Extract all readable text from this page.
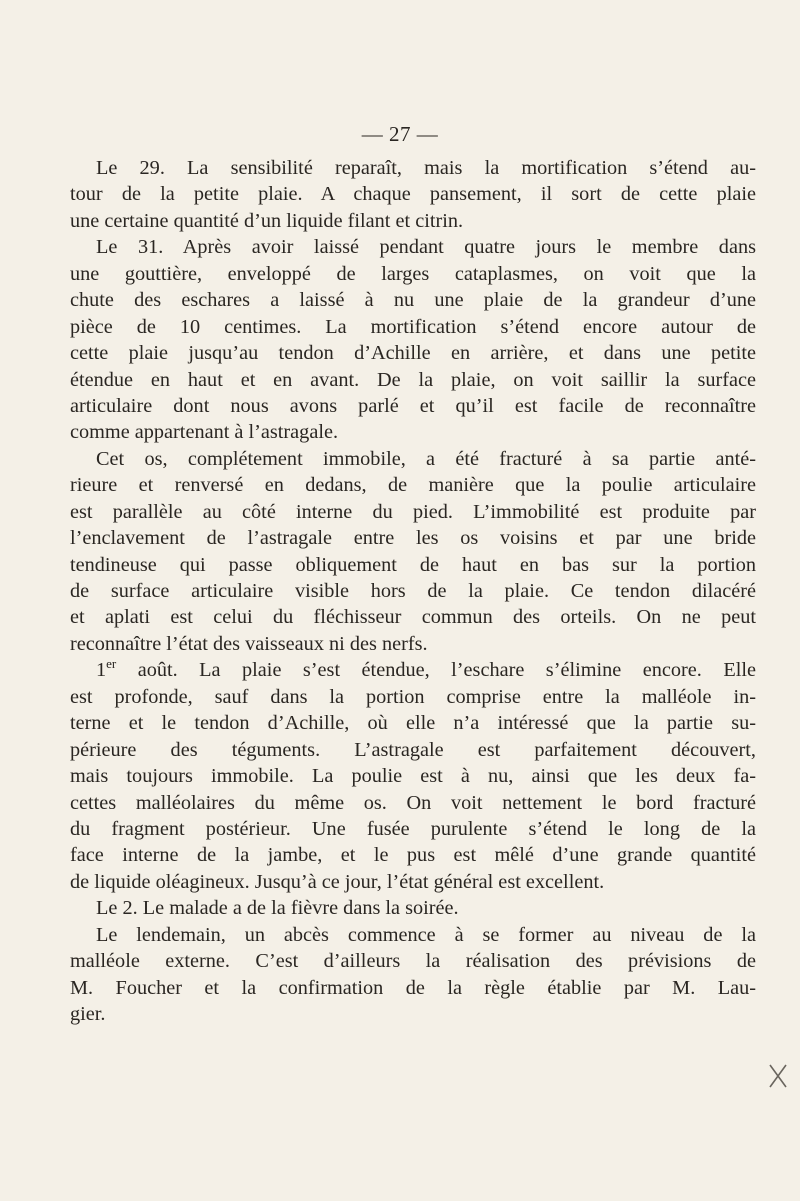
— 27 —
Le 29. La sensibilité reparaît, mais la mortification s’étend au-
tour de la petite plaie. A chaque pansement, il sort de cette plaie
une certaine quantité d’un liquide filant et citrin.
Le 31. Après avoir laissé pendant quatre jours le membre dans
une gouttière, enveloppé de larges cataplasmes, on voit que la
chute des eschares a laissé à nu une plaie de la grandeur d’une
pièce de 10 centimes. La mortification s’étend encore autour de
cette plaie jusqu’au tendon d’Achille en arrière, et dans une petite
étendue en haut et en avant. De la plaie, on voit saillir la surface
articulaire dont nous avons parlé et qu’il est facile de reconnaître
comme appartenant à l’astragale.
Cet os, complétement immobile, a été fracturé à sa partie anté-
rieure et renversé en dedans, de manière que la poulie articulaire
est parallèle au côté interne du pied. L’immobilité est produite par
l’enclavement de l’astragale entre les os voisins et par une bride
tendineuse qui passe obliquement de haut en bas sur la portion
de surface articulaire visible hors de la plaie. Ce tendon dilacéré
et aplati est celui du fléchisseur commun des orteils. On ne peut
reconnaître l’état des vaisseaux ni des nerfs.
1er août. La plaie s’est étendue, l’eschare s’élimine encore. Elle
est profonde, sauf dans la portion comprise entre la malléole in-
terne et le tendon d’Achille, où elle n’a intéressé que la partie su-
périeure des téguments. L’astragale est parfaitement découvert,
mais toujours immobile. La poulie est à nu, ainsi que les deux fa-
cettes malléolaires du même os. On voit nettement le bord fracturé
du fragment postérieur. Une fusée purulente s’étend le long de la
face interne de la jambe, et le pus est mêlé d’une grande quantité
de liquide oléagineux. Jusqu’à ce jour, l’état général est excellent.
Le 2. Le malade a de la fièvre dans la soirée.
Le lendemain, un abcès commence à se former au niveau de la
malléole externe. C’est d’ailleurs la réalisation des prévisions de
M. Foucher et la confirmation de la règle établie par M. Lau-
gier.
